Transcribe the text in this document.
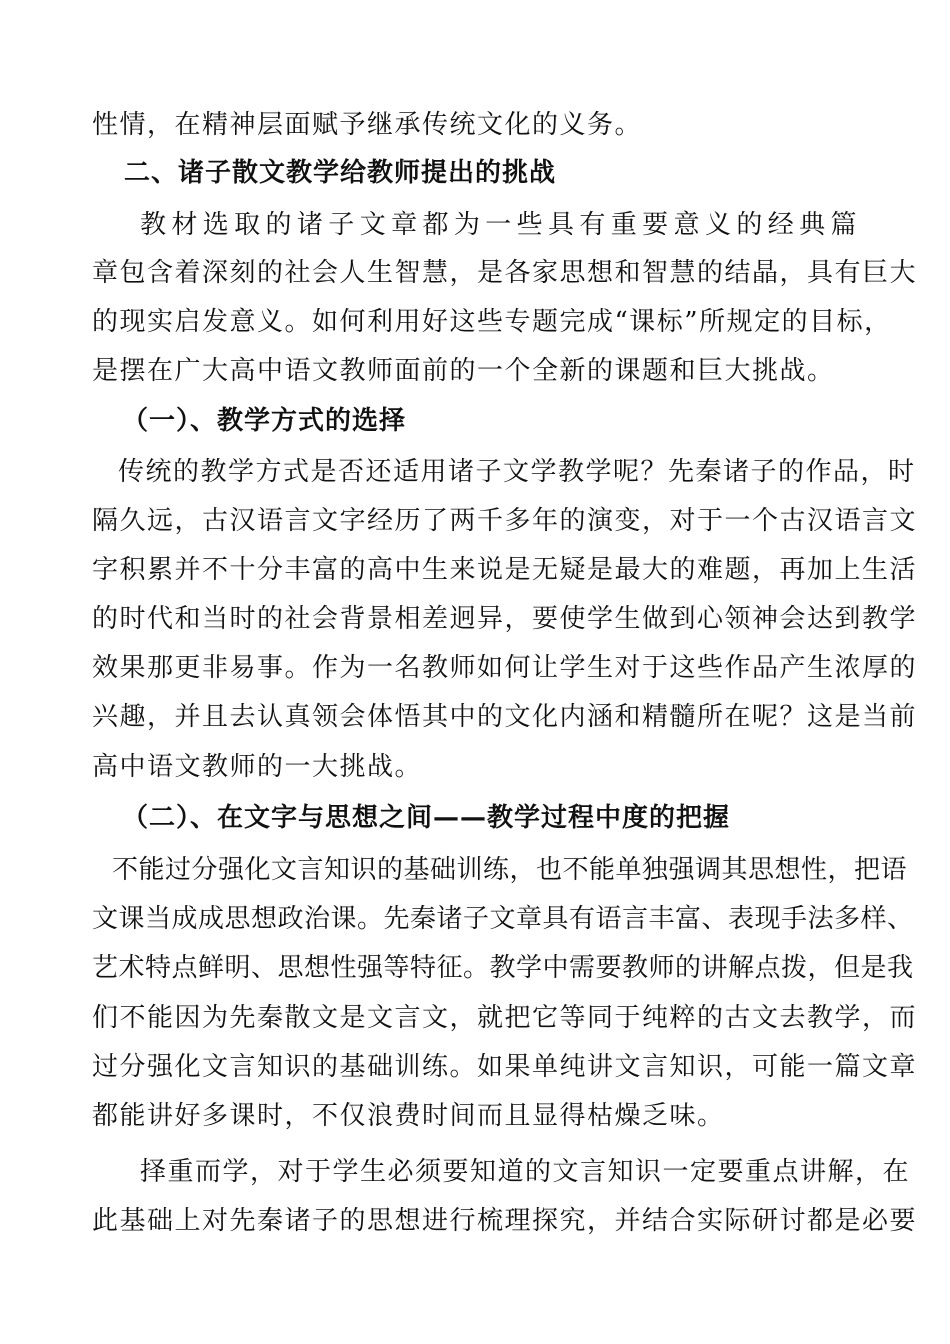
性情，在精神层面赋予继承传统文化的义务。
二、诸子散文教学给教师提出的挑战
教材选取的诸子文章都为一些具有重要意义的经典篇
章包含着深刻的社会人生智慧，是各家思想和智慧的结晶，具有巨大
的现实启发意义。如何利用好这些专题完成“课标”所规定的目标，
是摆在广大高中语文教师面前的一个全新的课题和巨大挑战。
（一）、教学方式的选择
传统的教学方式是否还适用诸子文学教学呢？先秦诸子的作品，时
隔久远，古汉语言文字经历了两千多年的演变，对于一个古汉语言文
字积累并不十分丰富的高中生来说是无疑是最大的难题，再加上生活
的时代和当时的社会背景相差迥异，要使学生做到心领神会达到教学
效果那更非易事。作为一名教师如何让学生对于这些作品产生浓厚的
兴趣，并且去认真领会体悟其中的文化内涵和精髓所在呢？这是当前
高中语文教师的一大挑战。
（二）、在文字与思想之间——教学过程中度的把握
不能过分强化文言知识的基础训练，也不能单独强调其思想性，把语
文课当成成思想政治课。先秦诸子文章具有语言丰富、表现手法多样、
艺术特点鲜明、思想性强等特征。教学中需要教师的讲解点拨，但是我
们不能因为先秦散文是文言文，就把它等同于纯粹的古文去教学，而
过分强化文言知识的基础训练。如果单纯讲文言知识，可能一篇文章
都能讲好多课时，不仅浪费时间而且显得枯燥乏味。
择重而学，对于学生必须要知道的文言知识一定要重点讲解，在
此基础上对先秦诸子的思想进行梳理探究，并结合实际研讨都是必要
